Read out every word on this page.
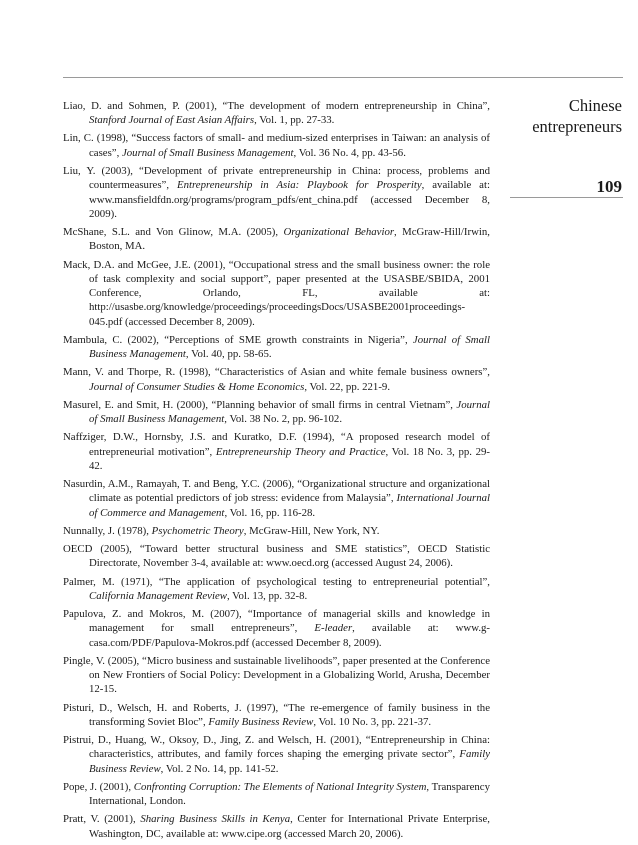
Chinese
entrepreneurs
109

Liao, D. and Sohmen, P. (2001), “The development of modern entrepreneurship in China”, Stanford Journal of East Asian Affairs, Vol. 1, pp. 27-33.

Lin, C. (1998), “Success factors of small- and medium-sized enterprises in Taiwan: an analysis of cases”, Journal of Small Business Management, Vol. 36 No. 4, pp. 43-56.

Liu, Y. (2003), “Development of private entrepreneurship in China: process, problems and countermeasures”, Entrepreneurship in Asia: Playbook for Prosperity, available at: www.mansfieldfdn.org/programs/program_pdfs/ent_china.pdf (accessed December 8, 2009).

McShane, S.L. and Von Glinow, M.A. (2005), Organizational Behavior, McGraw-Hill/Irwin, Boston, MA.

Mack, D.A. and McGee, J.E. (2001), “Occupational stress and the small business owner: the role of task complexity and social support”, paper presented at the USASBE/SBIDA, 2001 Conference, Orlando, FL, available at: http://usasbe.org/knowledge/proceedings/proceedingsDocs/USASBE2001proceedings-045.pdf (accessed December 8, 2009).

Mambula, C. (2002), “Perceptions of SME growth constraints in Nigeria”, Journal of Small Business Management, Vol. 40, pp. 58-65.

Mann, V. and Thorpe, R. (1998), “Characteristics of Asian and white female business owners”, Journal of Consumer Studies & Home Economics, Vol. 22, pp. 221-9.

Masurel, E. and Smit, H. (2000), “Planning behavior of small firms in central Vietnam”, Journal of Small Business Management, Vol. 38 No. 2, pp. 96-102.

Naffziger, D.W., Hornsby, J.S. and Kuratko, D.F. (1994), “A proposed research model of entrepreneurial motivation”, Entrepreneurship Theory and Practice, Vol. 18 No. 3, pp. 29-42.

Nasurdin, A.M., Ramayah, T. and Beng, Y.C. (2006), “Organizational structure and organizational climate as potential predictors of job stress: evidence from Malaysia”, International Journal of Commerce and Management, Vol. 16, pp. 116-28.

Nunnally, J. (1978), Psychometric Theory, McGraw-Hill, New York, NY.

OECD (2005), “Toward better structural business and SME statistics”, OECD Statistic Directorate, November 3-4, available at: www.oecd.org (accessed August 24, 2006).

Palmer, M. (1971), “The application of psychological testing to entrepreneurial potential”, California Management Review, Vol. 13, pp. 32-8.

Papulova, Z. and Mokros, M. (2007), “Importance of managerial skills and knowledge in management for small entrepreneurs”, E-leader, available at: www.g-casa.com/PDF/Papulova-Mokros.pdf (accessed December 8, 2009).

Pingle, V. (2005), “Micro business and sustainable livelihoods”, paper presented at the Conference on New Frontiers of Social Policy: Development in a Globalizing World, Arusha, December 12-15.

Pisturi, D., Welsch, H. and Roberts, J. (1997), “The re-emergence of family business in the transforming Soviet Bloc”, Family Business Review, Vol. 10 No. 3, pp. 221-37.

Pistrui, D., Huang, W., Oksoy, D., Jing, Z. and Welsch, H. (2001), “Entrepreneurship in China: characteristics, attributes, and family forces shaping the emerging private sector”, Family Business Review, Vol. 2 No. 14, pp. 141-52.

Pope, J. (2001), Confronting Corruption: The Elements of National Integrity System, Transparency International, London.

Pratt, V. (2001), Sharing Business Skills in Kenya, Center for International Private Enterprise, Washington, DC, available at: www.cipe.org (accessed March 20, 2006).
